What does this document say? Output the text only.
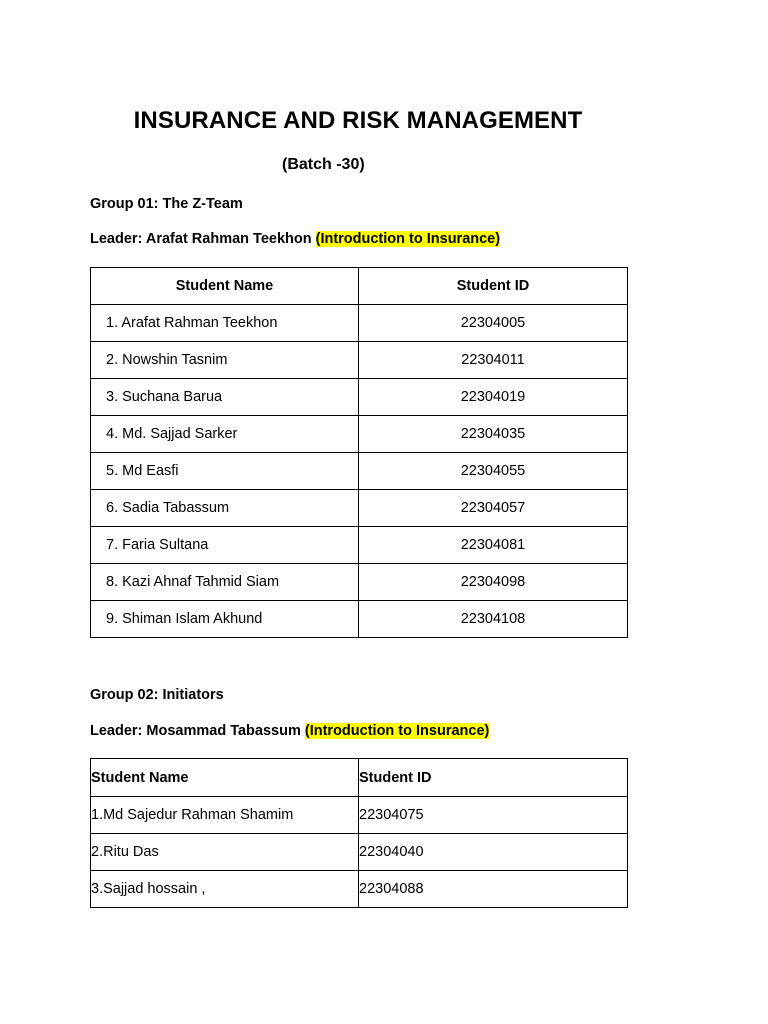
INSURANCE AND RISK MANAGEMENT
(Batch -30)
Group 01: The Z-Team
Leader: Arafat Rahman Teekhon (Introduction to Insurance)
Student Name	Student ID
1. Arafat Rahman Teekhon	22304005
2. Nowshin Tasnim	22304011
3. Suchana Barua	22304019
4. Md. Sajjad Sarker	22304035
5. Md Easfi	22304055
6. Sadia Tabassum	22304057
7. Faria Sultana	22304081
8. Kazi Ahnaf Tahmid Siam	22304098
9. Shiman Islam Akhund	22304108
Group 02: Initiators
Leader: Mosammad Tabassum (Introduction to Insurance)
Student Name	Student ID
1.Md Sajedur Rahman Shamim	22304075
2.Ritu Das	22304040
3.Sajjad hossain ,	22304088
